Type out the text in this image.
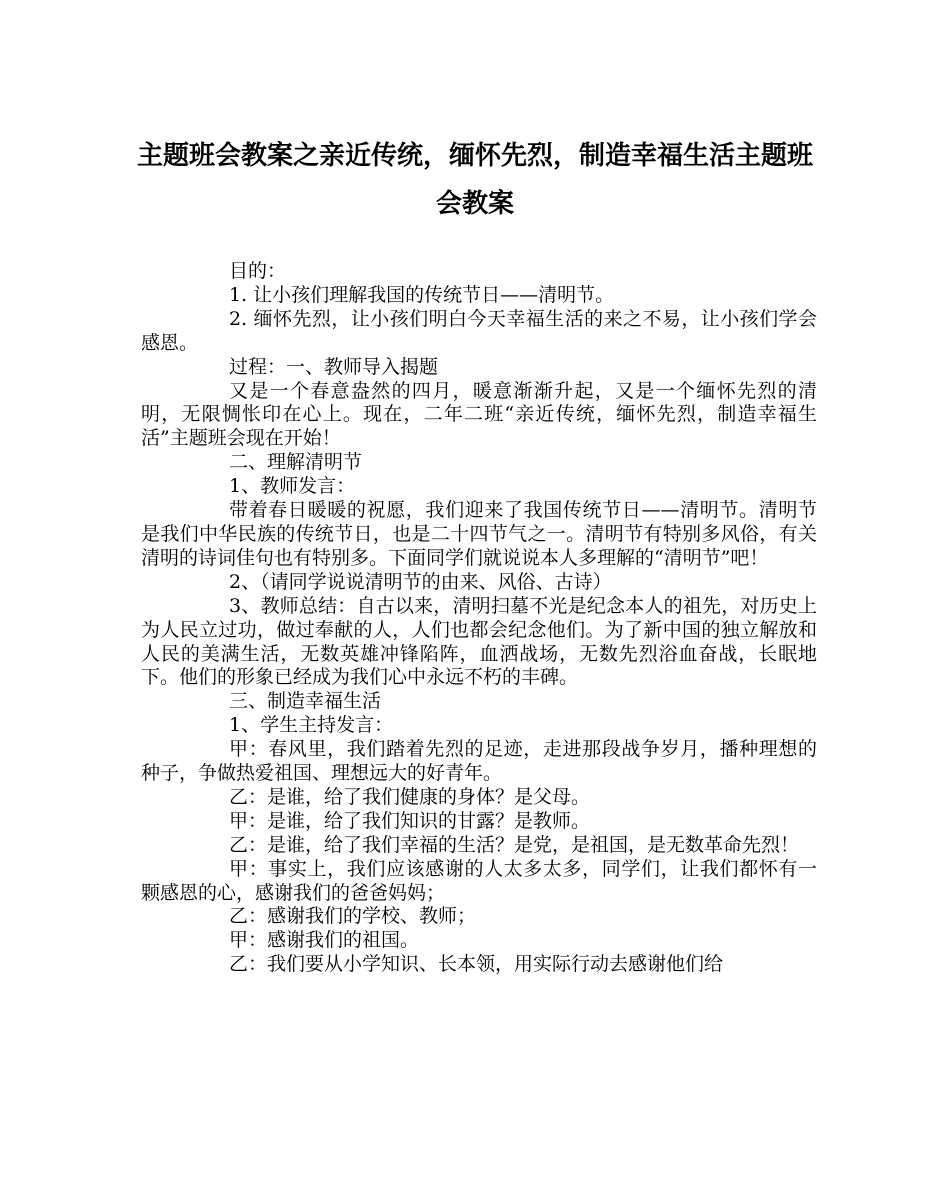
主题班会教案之亲近传统，缅怀先烈，制造幸福生活主题班会教案

目的：

1. 让小孩们理解我国的传统节日——清明节。

2. 缅怀先烈，让小孩们明白今天幸福生活的来之不易，让小孩们学会感恩。

过程：一、教师导入揭题

又是一个春意盎然的四月，暖意渐渐升起，又是一个缅怀先烈的清明，无限惆怅印在心上。现在，二年二班“亲近传统，缅怀先烈，制造幸福生活”主题班会现在开始！

二、理解清明节

1、教师发言：

带着春日暖暖的祝愿，我们迎来了我国传统节日——清明节。清明节是我们中华民族的传统节日，也是二十四节气之一。清明节有特别多风俗，有关清明的诗词佳句也有特别多。下面同学们就说说本人多理解的“清明节”吧！

2、（请同学说说清明节的由来、风俗、古诗）

3、教师总结：自古以来，清明扫墓不光是纪念本人的祖先，对历史上为人民立过功，做过奉献的人，人们也都会纪念他们。为了新中国的独立解放和人民的美满生活，无数英雄冲锋陷阵，血洒战场，无数先烈浴血奋战，长眠地下。他们的形象已经成为我们心中永远不朽的丰碑。

三、制造幸福生活

1、学生主持发言：

甲：春风里，我们踏着先烈的足迹，走进那段战争岁月，播种理想的种子，争做热爱祖国、理想远大的好青年。

乙：是谁，给了我们健康的身体？是父母。

甲：是谁，给了我们知识的甘露？是教师。

乙：是谁，给了我们幸福的生活？是党，是祖国，是无数革命先烈！

甲：事实上，我们应该感谢的人太多太多，同学们，让我们都怀有一颗感恩的心，感谢我们的爸爸妈妈；

乙：感谢我们的学校、教师；

甲：感谢我们的祖国。

乙：我们要从小学知识、长本领，用实际行动去感谢他们给
